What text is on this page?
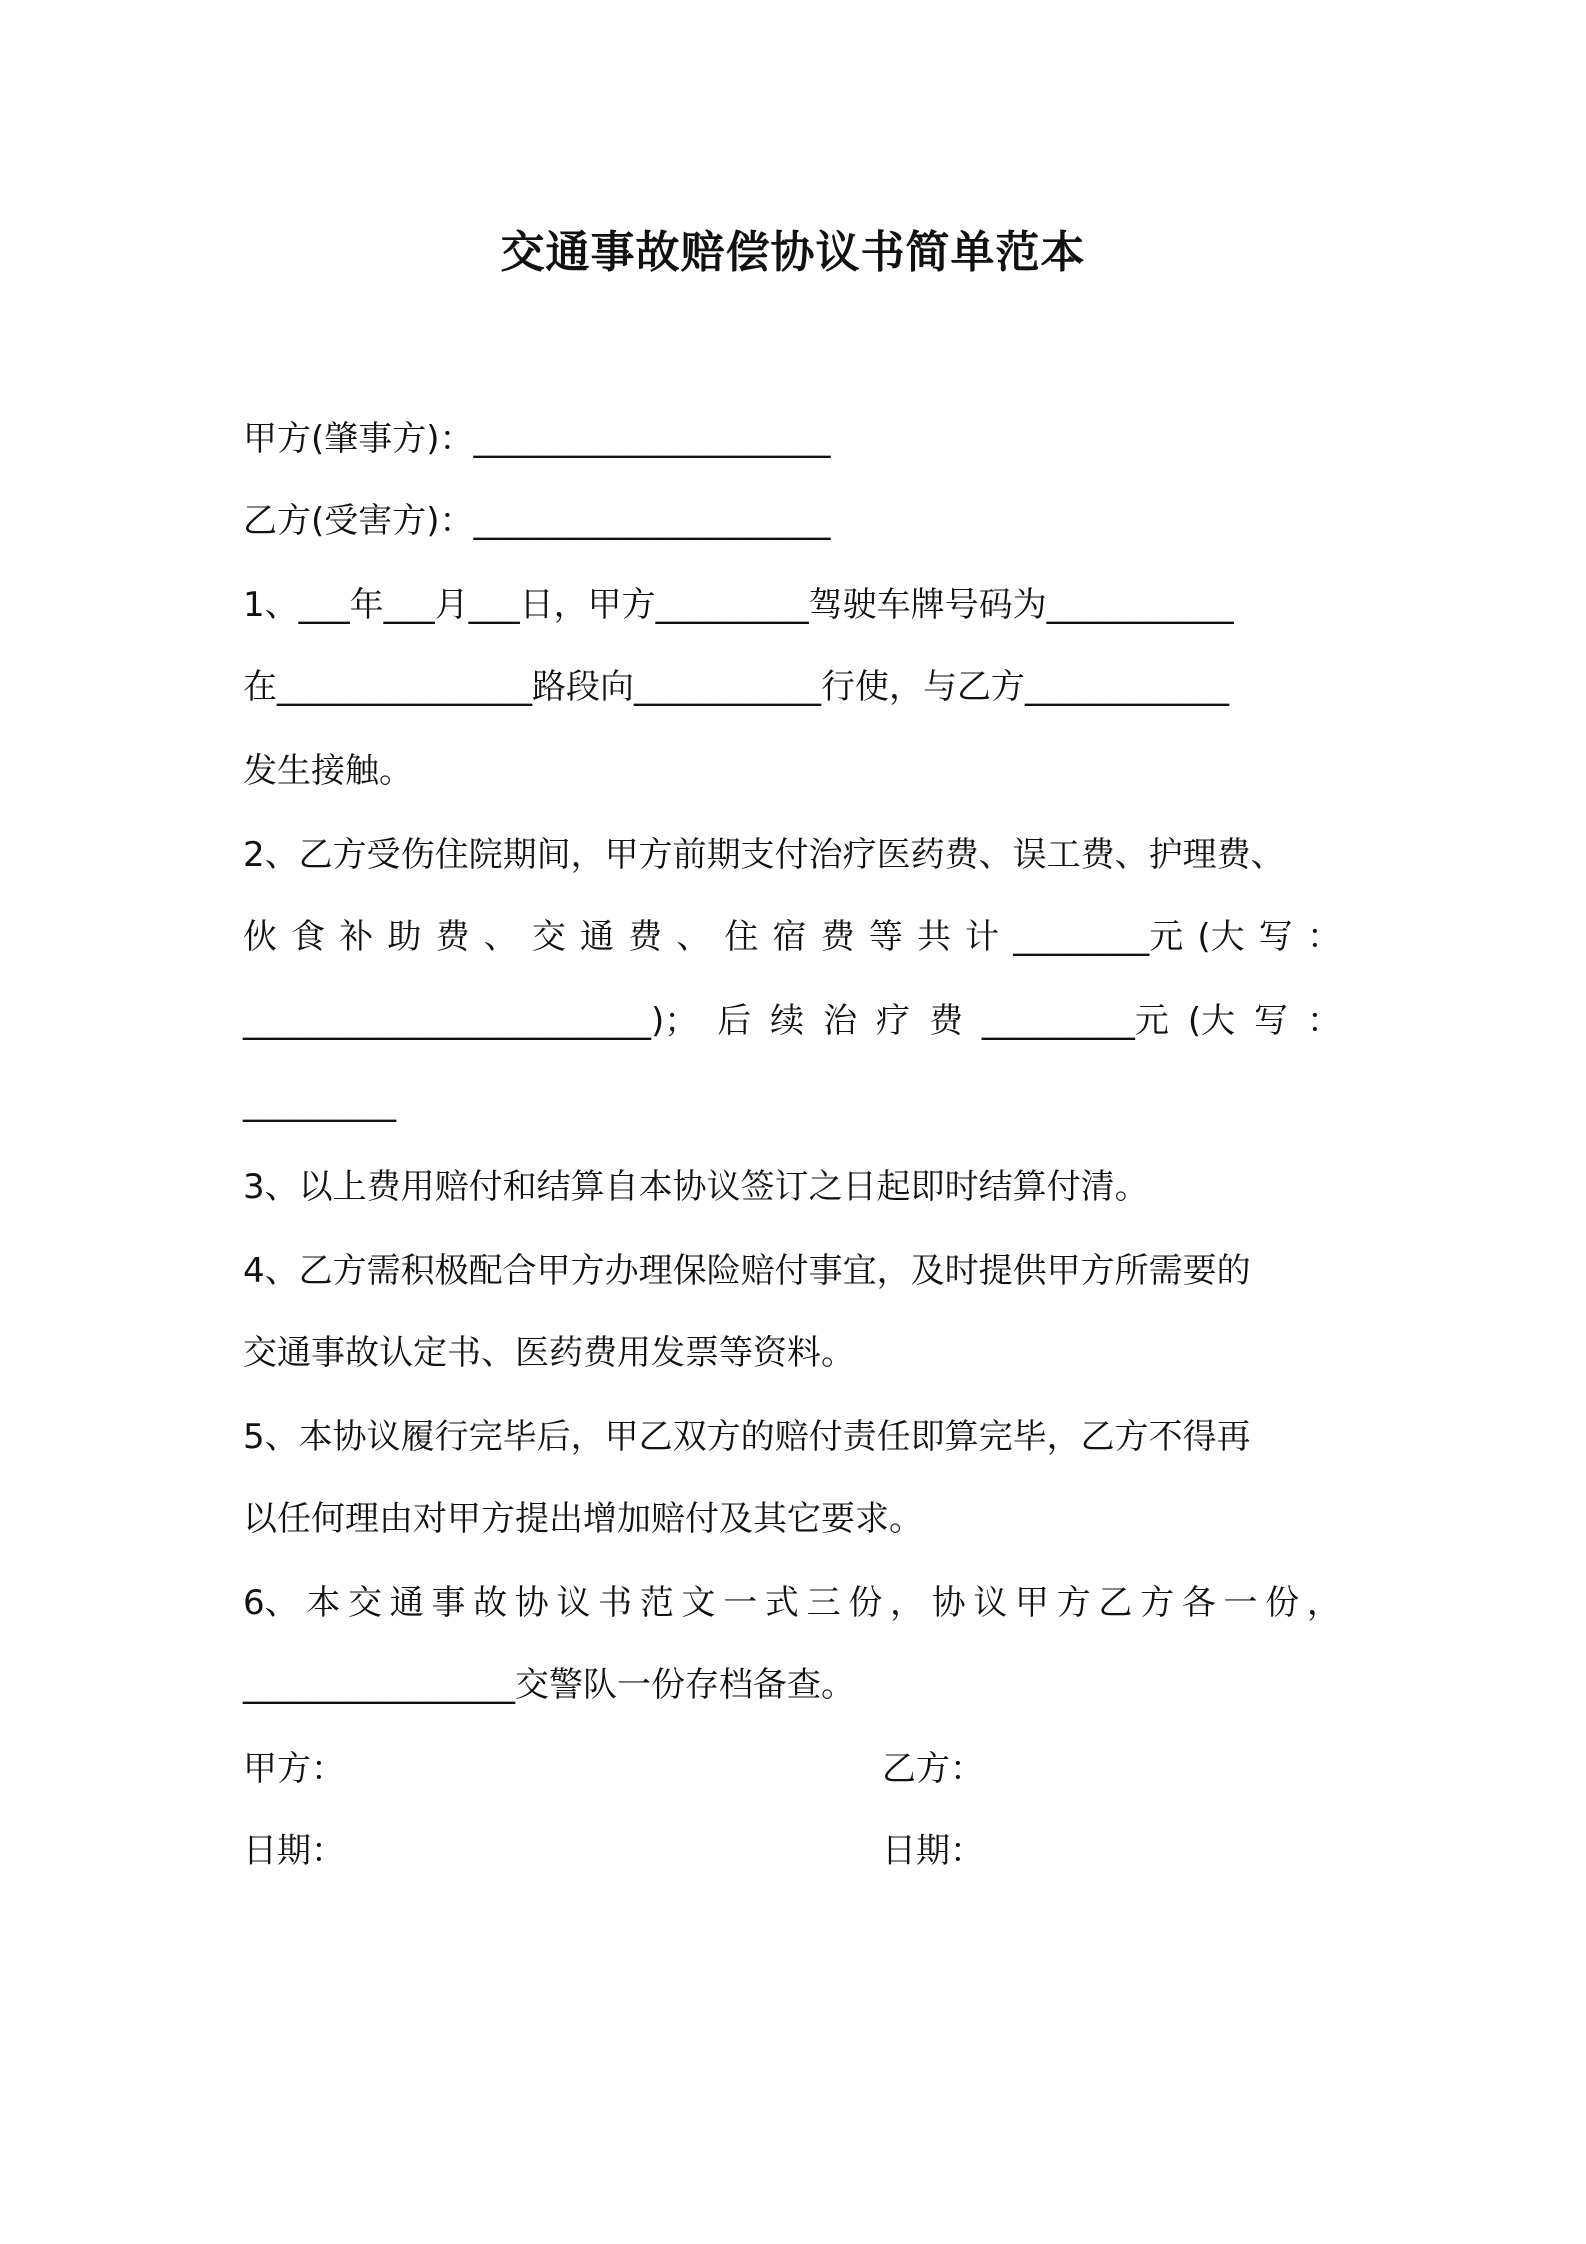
交通事故赔偿协议书简单范本
甲方(肇事方)：_____________________
乙方(受害方)：_____________________
1、___年___月___日，甲方_________驾驶车牌号码为___________
在_______________路段向___________行使，与乙方____________
发生接触。
2、乙方受伤住院期间，甲方前期支付治疗医药费、误工费、护理费、
伙 食 补 助 费 、 交 通 费 、 住 宿 费 等 共 计 ________元 (大 写 ：
________________________)； 后 续 治 疗 费 _________元 (大 写 ：
_________
3、以上费用赔付和结算自本协议签订之日起即时结算付清。
4、乙方需积极配合甲方办理保险赔付事宜，及时提供甲方所需要的
交通事故认定书、医药费用发票等资料。
5、本协议履行完毕后，甲乙双方的赔付责任即算完毕，乙方不得再
以任何理由对甲方提出增加赔付及其它要求。
6、 本 交 通 事 故 协 议 书 范 文 一 式 三 份 ， 协 议 甲 方 乙 方 各 一 份 ，
________________交警队一份存档备查。
甲方：	乙方：
日期：	日期：
